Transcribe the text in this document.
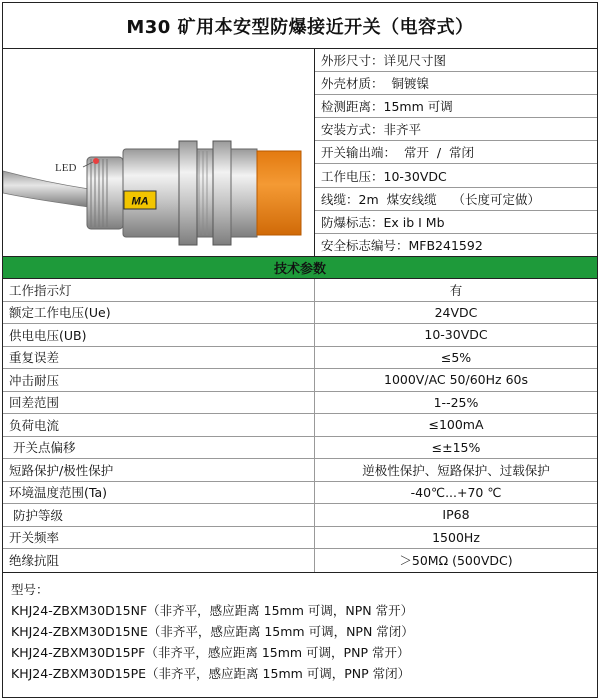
M30 矿用本安型防爆接近开关（电容式）
LED
MA
外形尺寸：详见尺寸图
外壳材质：  铜镀镍
检测距离：15mm 可调
安装方式：非齐平
开关输出端：  常开  /  常闭
工作电压：10-30VDC
线缆：2m  煤安线缆    （长度可定做）
防爆标志：Ex ib I Mb
安全标志编号：MFB241592
技术参数
工作指示灯	有
额定工作电压(Ue)	24VDC
供电电压(UB)	10-30VDC
重复误差	≤5%
冲击耐压	1000V/AC 50/60Hz 60s
回差范围	1--25%
负荷电流	≤100mA
开关点偏移	≤±15%
短路保护/极性保护	逆极性保护、短路保护、过载保护
环境温度范围(Ta)	-40℃...+70 ℃
防护等级	IP68
开关频率	1500Hz
绝缘抗阻	＞50MΩ (500VDC)
型号：
KHJ24-ZBXM30D15NF（非齐平，感应距离 15mm 可调，NPN 常开）
KHJ24-ZBXM30D15NE（非齐平，感应距离 15mm 可调，NPN 常闭）
KHJ24-ZBXM30D15PF（非齐平，感应距离 15mm 可调，PNP 常开）
KHJ24-ZBXM30D15PE（非齐平，感应距离 15mm 可调，PNP 常闭）
